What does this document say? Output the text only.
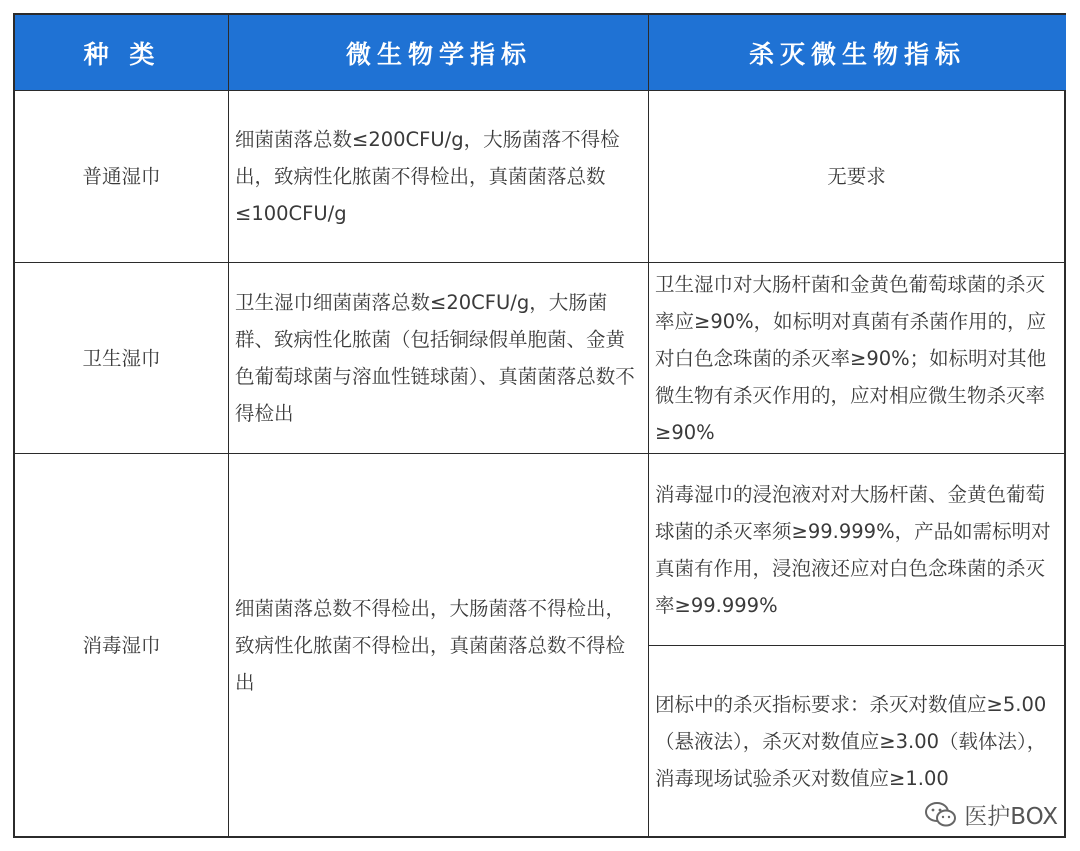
种 类	微生物学指标	杀灭微生物指标
普通湿巾
细菌菌落总数≤200CFU/g，大肠菌落不得检出，致病性化脓菌不得检出，真菌菌落总数≤100CFU/g
无要求
卫生湿巾
卫生湿巾细菌菌落总数≤20CFU/g，大肠菌群、致病性化脓菌（包括铜绿假单胞菌、金黄色葡萄球菌与溶血性链球菌）、真菌菌落总数不得检出
卫生湿巾对大肠杆菌和金黄色葡萄球菌的杀灭率应≥90%，如标明对真菌有杀菌作用的，应对白色念珠菌的杀灭率≥90%；如标明对其他微生物有杀灭作用的，应对相应微生物杀灭率≥90%
消毒湿巾
细菌菌落总数不得检出，大肠菌落不得检出，致病性化脓菌不得检出，真菌菌落总数不得检出
消毒湿巾的浸泡液对对大肠杆菌、金黄色葡萄球菌的杀灭率须≥99.999%，产品如需标明对真菌有作用，浸泡液还应对白色念珠菌的杀灭率≥99.999%
团标中的杀灭指标要求：杀灭对数值应≥5.00（悬液法），杀灭对数值应≥3.00（载体法），消毒现场试验杀灭对数值应≥1.00
医护BOX
